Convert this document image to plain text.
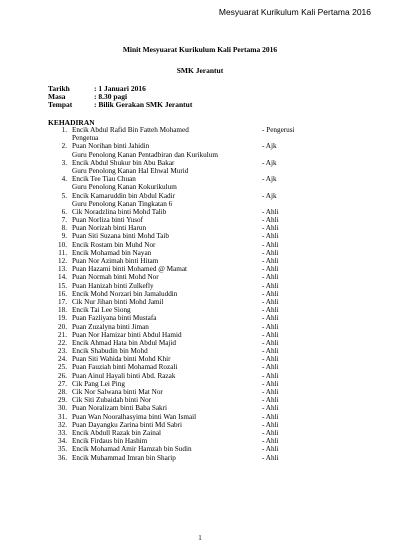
Mesyuarat Kurikulum Kali Pertama 2016
Minit Mesyuarat Kurikulum Kali Pertama 2016
SMK Jerantut
Tarikh	: 1 Januari 2016
Masa	: 8.30 pagi
Tempat	: Bilik Gerakan SMK Jerantut
KEHADIRAN
1. Encik Abdul Rafid Bin Fatteh Mohamed	- Pengerusi
Pengetua
2. Puan Norihan binti Jahidin	- Ajk
Guru Penolong Kanan Pentadbiran dan Kurikulum
3. Encik Abdul Shukur bin Abu Bakar	- Ajk
Guru Penolong Kanan Hal Ehwal Murid
4. Encik Tee Tiau Chuan	- Ajk
Guru Penolong Kanan Kokurikulum
5. Encik Kamaruddin bin Abdul Kadir	- Ajk
Guru Penolong Kanan Tingkatan 6
6. Cik Noradzlina binti Mohd Talib	- Ahli
7. Puan Norliza binti Yusof	- Ahli
8. Puan Norizah binti Harun	- Ahli
9. Puan Siti Suzana binti Mohd Taib	- Ahli
10. Encik Rostam bin Muhd Nor	- Ahli
11. Encik Mohamad bin Nayan	- Ahli
12. Puan Nor Azimah binti Hitam	- Ahli
13. Puan Hazami binti Mohamed @ Mamat	- Ahli
14. Puan Normah binti Mohd Nor	- Ahli
15. Puan Hanizah binti Zulkefly	- Ahli
16. Encik Mohd Norzari bin Jamaluddin	- Ahli
17. Cik Nur Jihan binti Mohd Jamil	- Ahli
18. Encik Tai Lee Siong	- Ahli
19. Puan Fazliyana binti Mustafa	- Ahli
20. Puan Zuzalyna binti Jiman	- Ahli
21. Puan Nor Hamizar binti Abdul Hamid	- Ahli
22. Encik Ahmad Hata bin Abdul Majid	- Ahli
23. Encik Shabudin bin Mohd	- Ahli
24. Puan Siti Wahida binti Mohd Khir	- Ahli
25. Puan Fauziah binti Mohamad Rozali	- Ahli
26. Puan Ainul Hayali binti Abd. Razak	- Ahli
27. Cik Pang Lei Ping	- Ahli
28. Cik Nor Salwana binti Mat Nor	- Ahli
29. Cik Siti Zubaidah binti Nor	- Ahli
30. Puan Noralizam binti Baba Sakri	- Ahli
31. Puan Wan Nooralhasyima binti Wan Ismail	- Ahli
32. Puan Dayangku Zarina binti Md Sabri	- Ahli
33. Encik Abdull Razak bin Zainal	- Ahli
34. Encik Firdaus bin Hashim	- Ahli
35. Encik Mohamad Amir Hamzah bin Sudin	- Ahli
36. Encik Muhammad Imran bin Sharip	- Ahli
1
